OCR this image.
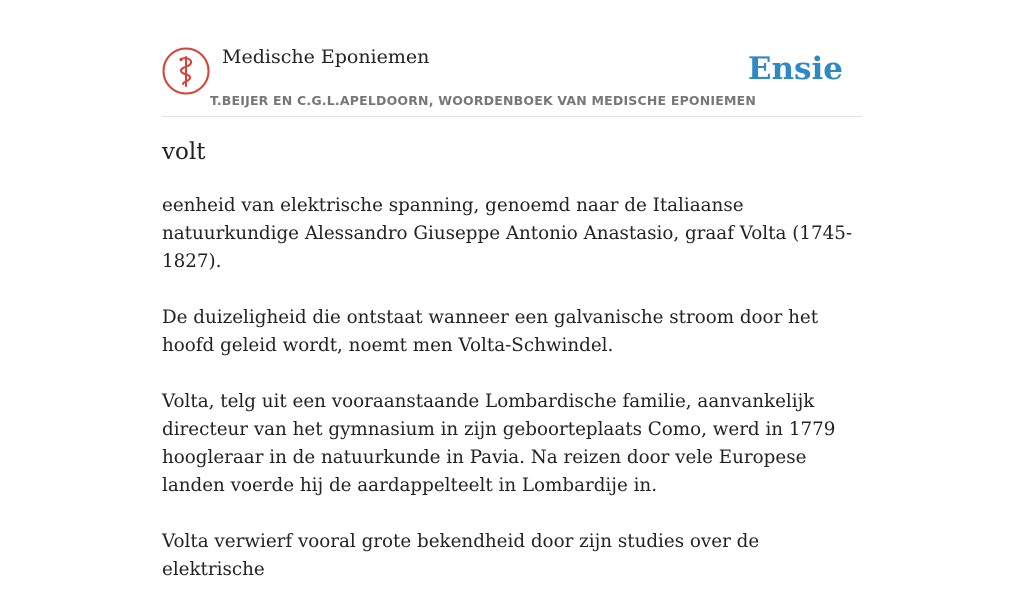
Medische Eponiemen
T.BEIJER EN C.G.L.APELDOORN, WOORDENBOEK VAN MEDISCHE EPONIEMEN
Ensie
volt

eenheid van elektrische spanning, genoemd naar de Italiaanse natuurkundige Alessandro Giuseppe Antonio Anastasio, graaf Volta (1745-1827).

De duizeligheid die ontstaat wanneer een galvanische stroom door het hoofd geleid wordt, noemt men Volta-Schwindel.

Volta, telg uit een vooraanstaande Lombardische familie, aanvankelijk directeur van het gymnasium in zijn geboorteplaats Como, werd in 1779 hoogleraar in de natuurkunde in Pavia. Na reizen door vele Europese landen voerde hij de aardappelteelt in Lombardije in.

Volta verwierf vooral grote bekendheid door zijn studies over de elektrische
